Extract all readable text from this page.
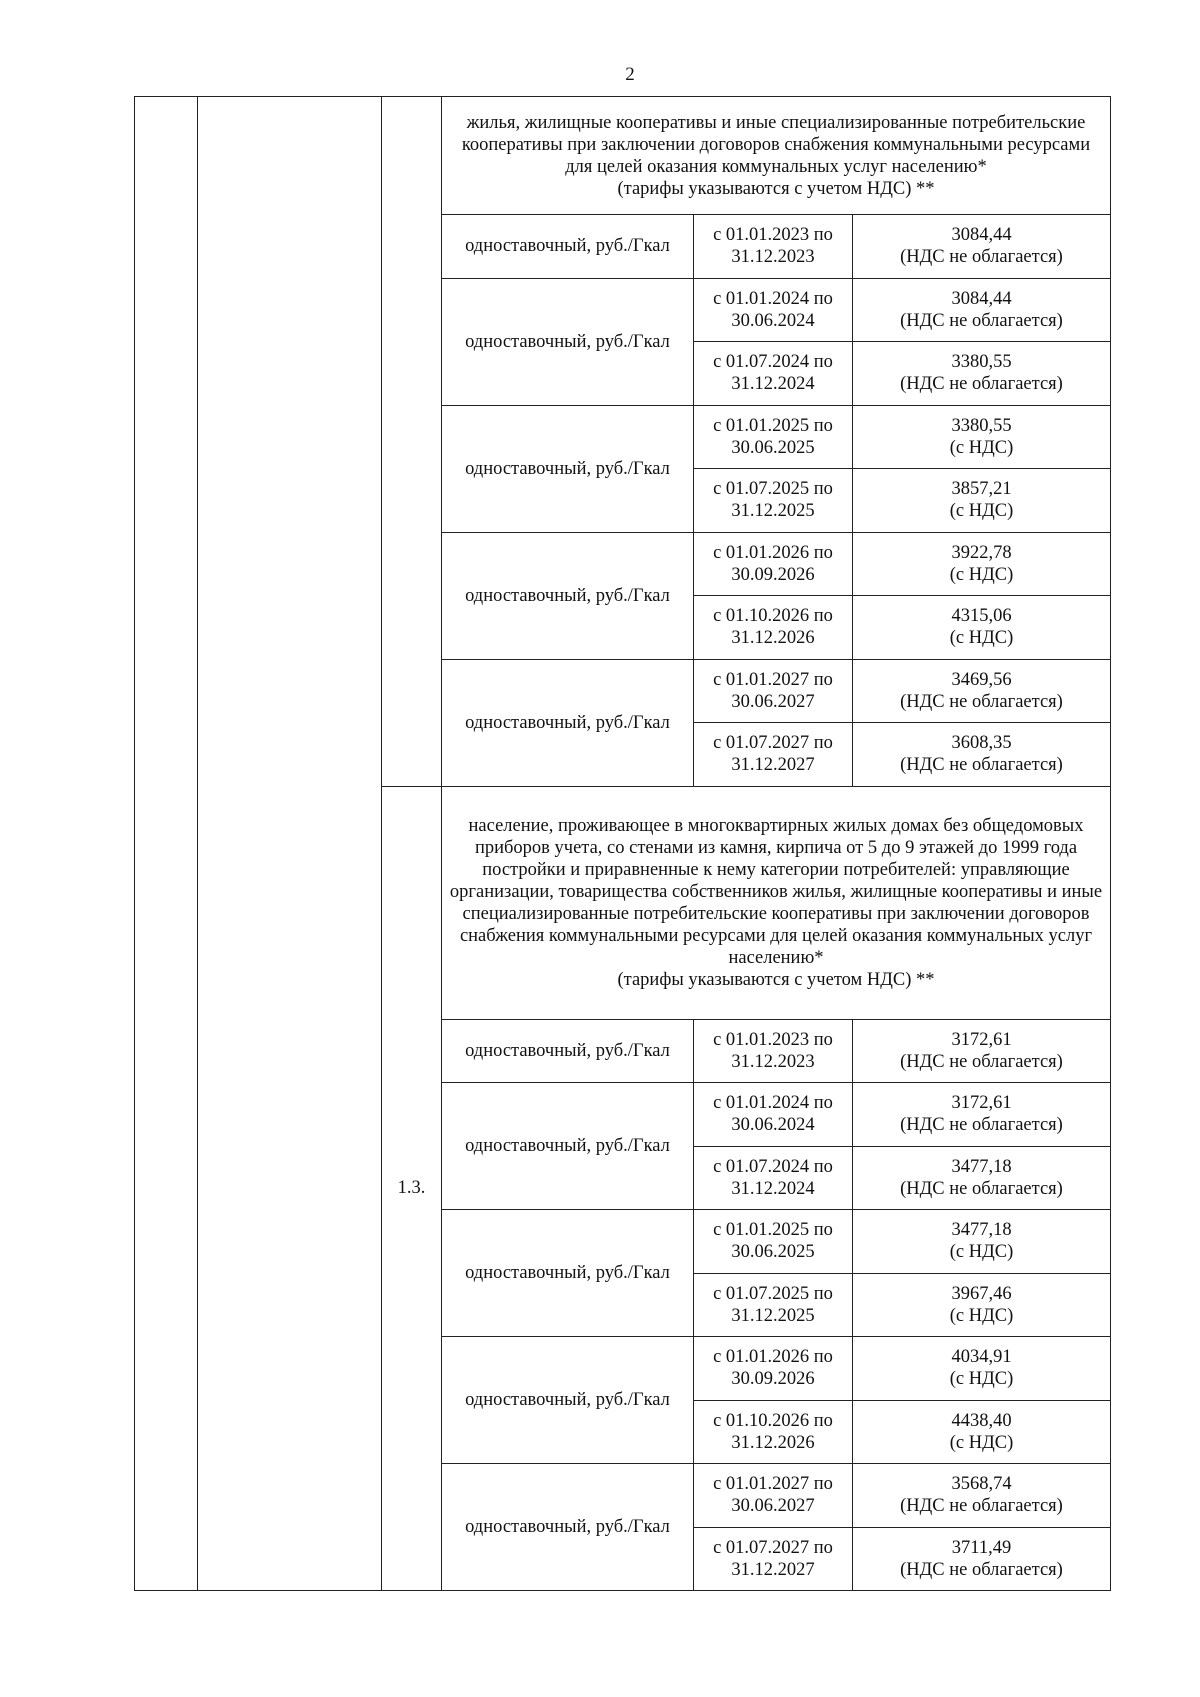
2

			жилья, жилищные кооперативы и иные специализированные потребительские кооперативы при заключении договоров снабжения коммунальными ресурсами для целей оказания коммунальных услуг населению*
(тарифы указываются с учетом НДС) **		

			одноставочный, руб./Гкал	с 01.01.2023 по 31.12.2023	3084,44
(НДС не облагается)

			одноставочный, руб./Гкал	с 01.01.2024 по 30.06.2024	3084,44
(НДС не облагается)

				с 01.07.2024 по 31.12.2024	3380,55
(НДС не облагается)

			одноставочный, руб./Гкал	с 01.01.2025 по 30.06.2025	3380,55
(с НДС)

				с 01.07.2025 по 31.12.2025	3857,21
(с НДС)

			одноставочный, руб./Гкал	с 01.01.2026 по 30.09.2026	3922,78
(с НДС)

				с 01.10.2026 по 31.12.2026	4315,06
(с НДС)

			одноставочный, руб./Гкал	с 01.01.2027 по 30.06.2027	3469,56
(НДС не облагается)

				с 01.07.2027 по 31.12.2027	3608,35
(НДС не облагается)

		1.3.	население, проживающее в многоквартирных жилых домах без общедомовых приборов учета, со стенами из камня, кирпича от 5 до 9 этажей до 1999 года постройки и приравненные к нему категории потребителей: управляющие организации, товарищества собственников жилья, жилищные кооперативы и иные специализированные потребительские кооперативы при заключении договоров снабжения коммунальными ресурсами для целей оказания коммунальных услуг населению*
(тарифы указываются с учетом НДС) **		

			одноставочный, руб./Гкал	с 01.01.2023 по 31.12.2023	3172,61
(НДС не облагается)

			одноставочный, руб./Гкал	с 01.01.2024 по 30.06.2024	3172,61
(НДС не облагается)

				с 01.07.2024 по 31.12.2024	3477,18
(НДС не облагается)

			одноставочный, руб./Гкал	с 01.01.2025 по 30.06.2025	3477,18
(с НДС)

				с 01.07.2025 по 31.12.2025	3967,46
(с НДС)

			одноставочный, руб./Гкал	с 01.01.2026 по 30.09.2026	4034,91
(с НДС)

				с 01.10.2026 по 31.12.2026	4438,40
(с НДС)

			одноставочный, руб./Гкал	с 01.01.2027 по 30.06.2027	3568,74
(НДС не облагается)

				с 01.07.2027 по 31.12.2027	3711,49
(НДС не облагается)
